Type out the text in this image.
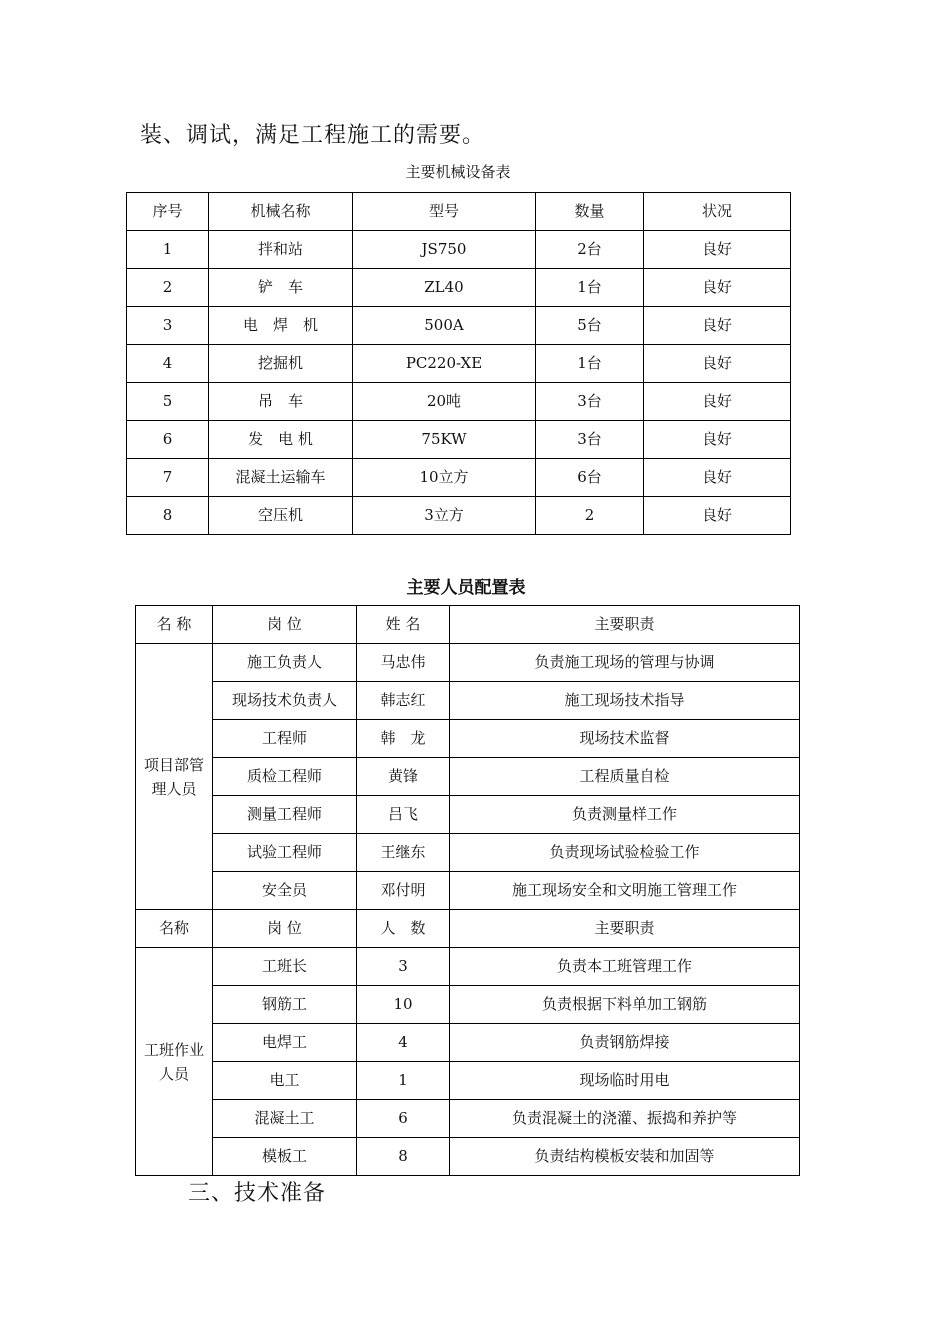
装、调试，满足工程施工的需要。

主要机械设备表

序号	机械名称	型号	数量	状况
1	拌和站	JS750	2台	良好
2	铲　车	ZL40	1台	良好
3	电　焊　机	500A	5台	良好
4	挖掘机	PC220-XE	1台	良好
5	吊　车	20吨	3台	良好
6	发　电 机	75KW	3台	良好
7	混凝土运输车	10立方	6台	良好
8	空压机	3立方	2	良好

主要人员配置表

名 称	岗 位	姓 名	主要职责
项目部管理人员	施工负责人	马忠伟	负责施工现场的管理与协调
	现场技术负责人	韩志红	施工现场技术指导
	工程师	韩　龙	现场技术监督
	质检工程师	黄锋	工程质量自检
	测量工程师	吕飞	负责测量样工作
	试验工程师	王继东	负责现场试验检验工作
	安全员	邓付明	施工现场安全和文明施工管理工作
名称	岗 位	人　数	主要职责
工班作业人员	工班长	3	负责本工班管理工作
	钢筋工	10	负责根据下料单加工钢筋
	电焊工	4	负责钢筋焊接
	电工	1	现场临时用电
	混凝土工	6	负责混凝土的浇灌、振捣和养护等
	模板工	8	负责结构模板安装和加固等

三、技术准备
